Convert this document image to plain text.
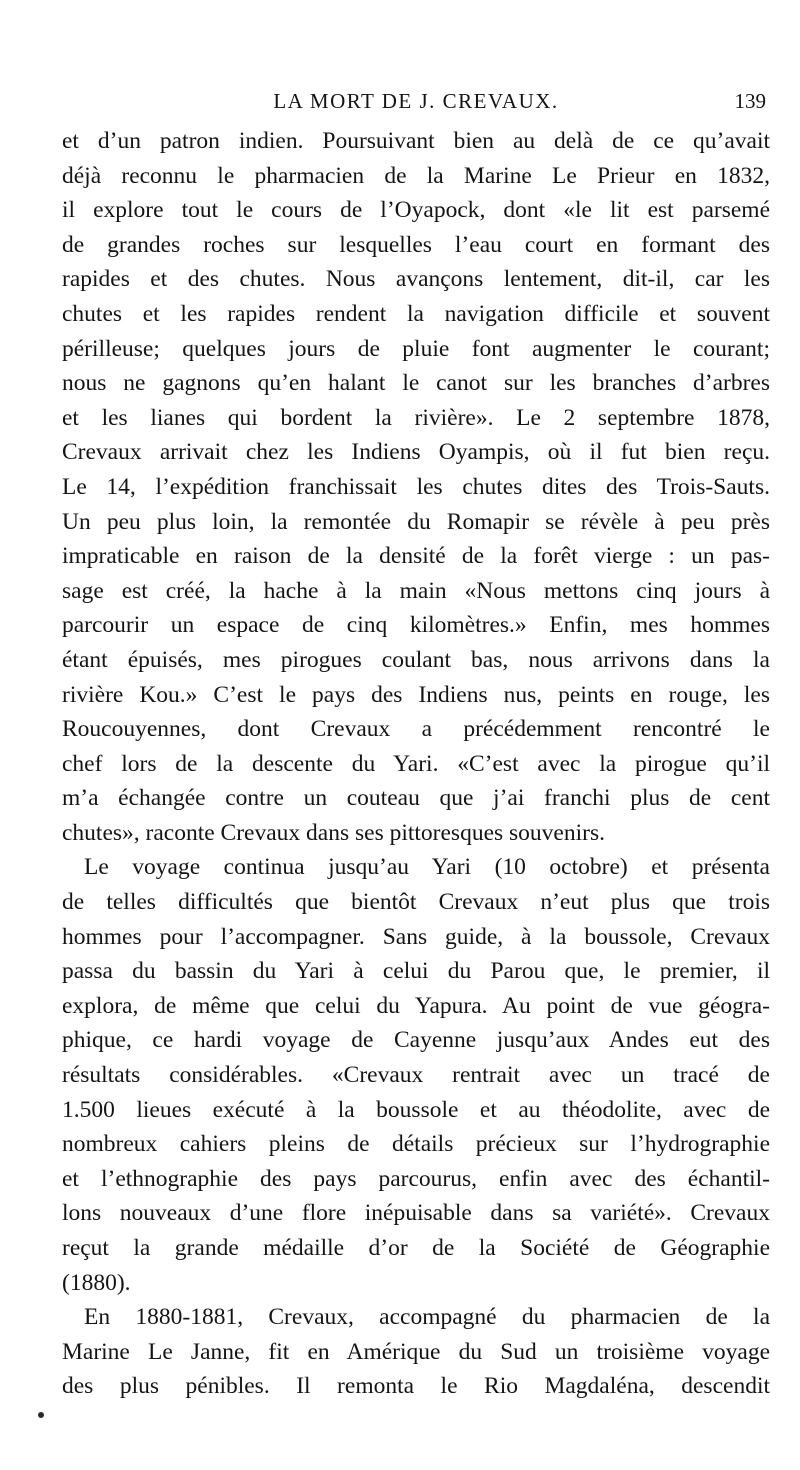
LA MORT DE J. CREVAUX.	139
et d’un patron indien. Poursuivant bien au delà de ce qu’avait
déjà reconnu le pharmacien de la Marine Le Prieur en 1832,
il explore tout le cours de l’Oyapock, dont «le lit est parsemé
de grandes roches sur lesquelles l’eau court en formant des
rapides et des chutes. Nous avançons lentement, dit-il, car les
chutes et les rapides rendent la navigation difficile et souvent
périlleuse; quelques jours de pluie font augmenter le courant;
nous ne gagnons qu’en halant le canot sur les branches d’arbres
et les lianes qui bordent la rivière». Le 2 septembre 1878,
Crevaux arrivait chez les Indiens Oyampis, où il fut bien reçu.
Le 14, l’expédition franchissait les chutes dites des Trois-Sauts.
Un peu plus loin, la remontée du Romapir se révèle à peu près
impraticable en raison de la densité de la forêt vierge : un pas-
sage est créé, la hache à la main «Nous mettons cinq jours à
parcourir un espace de cinq kilomètres.» Enfin, mes hommes
étant épuisés, mes pirogues coulant bas, nous arrivons dans la
rivière Kou.» C’est le pays des Indiens nus, peints en rouge, les
Roucouyennes, dont Crevaux a précédemment rencontré le
chef lors de la descente du Yari. «C’est avec la pirogue qu’il
m’a échangée contre un couteau que j’ai franchi plus de cent
chutes», raconte Crevaux dans ses pittoresques souvenirs.
Le voyage continua jusqu’au Yari (10 octobre) et présenta
de telles difficultés que bientôt Crevaux n’eut plus que trois
hommes pour l’accompagner. Sans guide, à la boussole, Crevaux
passa du bassin du Yari à celui du Parou que, le premier, il
explora, de même que celui du Yapura. Au point de vue géogra-
phique, ce hardi voyage de Cayenne jusqu’aux Andes eut des
résultats considérables. «Crevaux rentrait avec un tracé de
1.500 lieues exécuté à la boussole et au théodolite, avec de
nombreux cahiers pleins de détails précieux sur l’hydrographie
et l’ethnographie des pays parcourus, enfin avec des échantil-
lons nouveaux d’une flore inépuisable dans sa variété». Crevaux
reçut la grande médaille d’or de la Société de Géographie
(1880).
En 1880-1881, Crevaux, accompagné du pharmacien de la
Marine Le Janne, fit en Amérique du Sud un troisième voyage
des plus pénibles. Il remonta le Rio Magdaléna, descendit
